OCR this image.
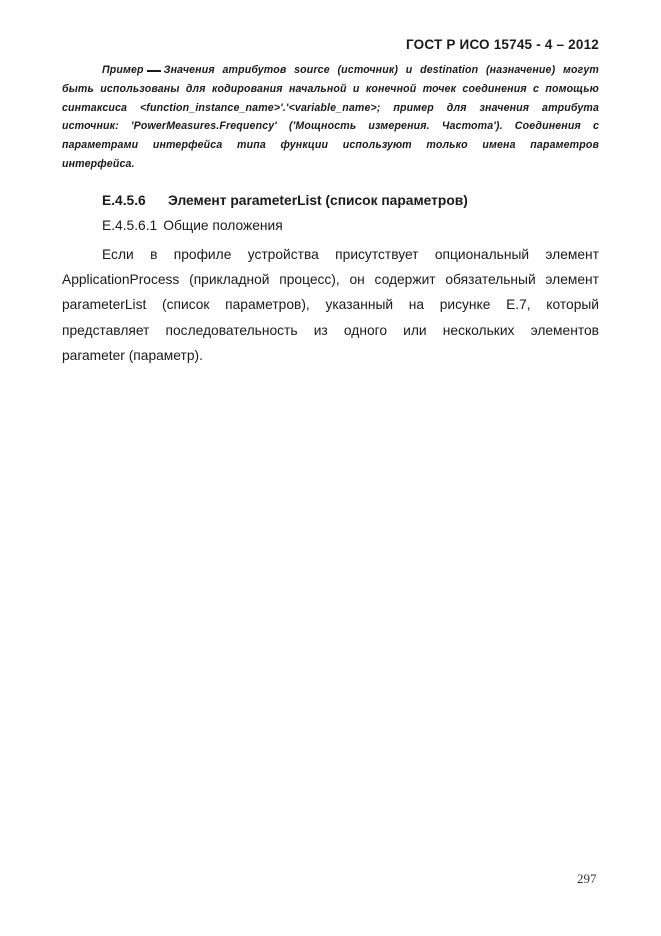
ГОСТ Р ИСО 15745 - 4 – 2012
Пример Значения атрибутов source (источник) и destination (назначение) могут
быть использованы для кодирования начальной и конечной точек соединения с помощью
синтаксиса <function_instance_name>'.'<variable_name>; пример для значения атрибута
источник: 'PowerMeasures.Frequency' ('Мощность измерения. Частота'). Соединения с
параметрами интерфейса типа функции используют только имена параметров
интерфейса.
E.4.5.6 Элемент parameterList (список параметров)
E.4.5.6.1 Общие положения
Если в профиле устройства присутствует опциональный элемент
ApplicationProcess (прикладной процесс), он содержит обязательный элемент
parameterList (список параметров), указанный на рисунке E.7, который
представляет последовательность из одного или нескольких элементов
parameter (параметр).
297
